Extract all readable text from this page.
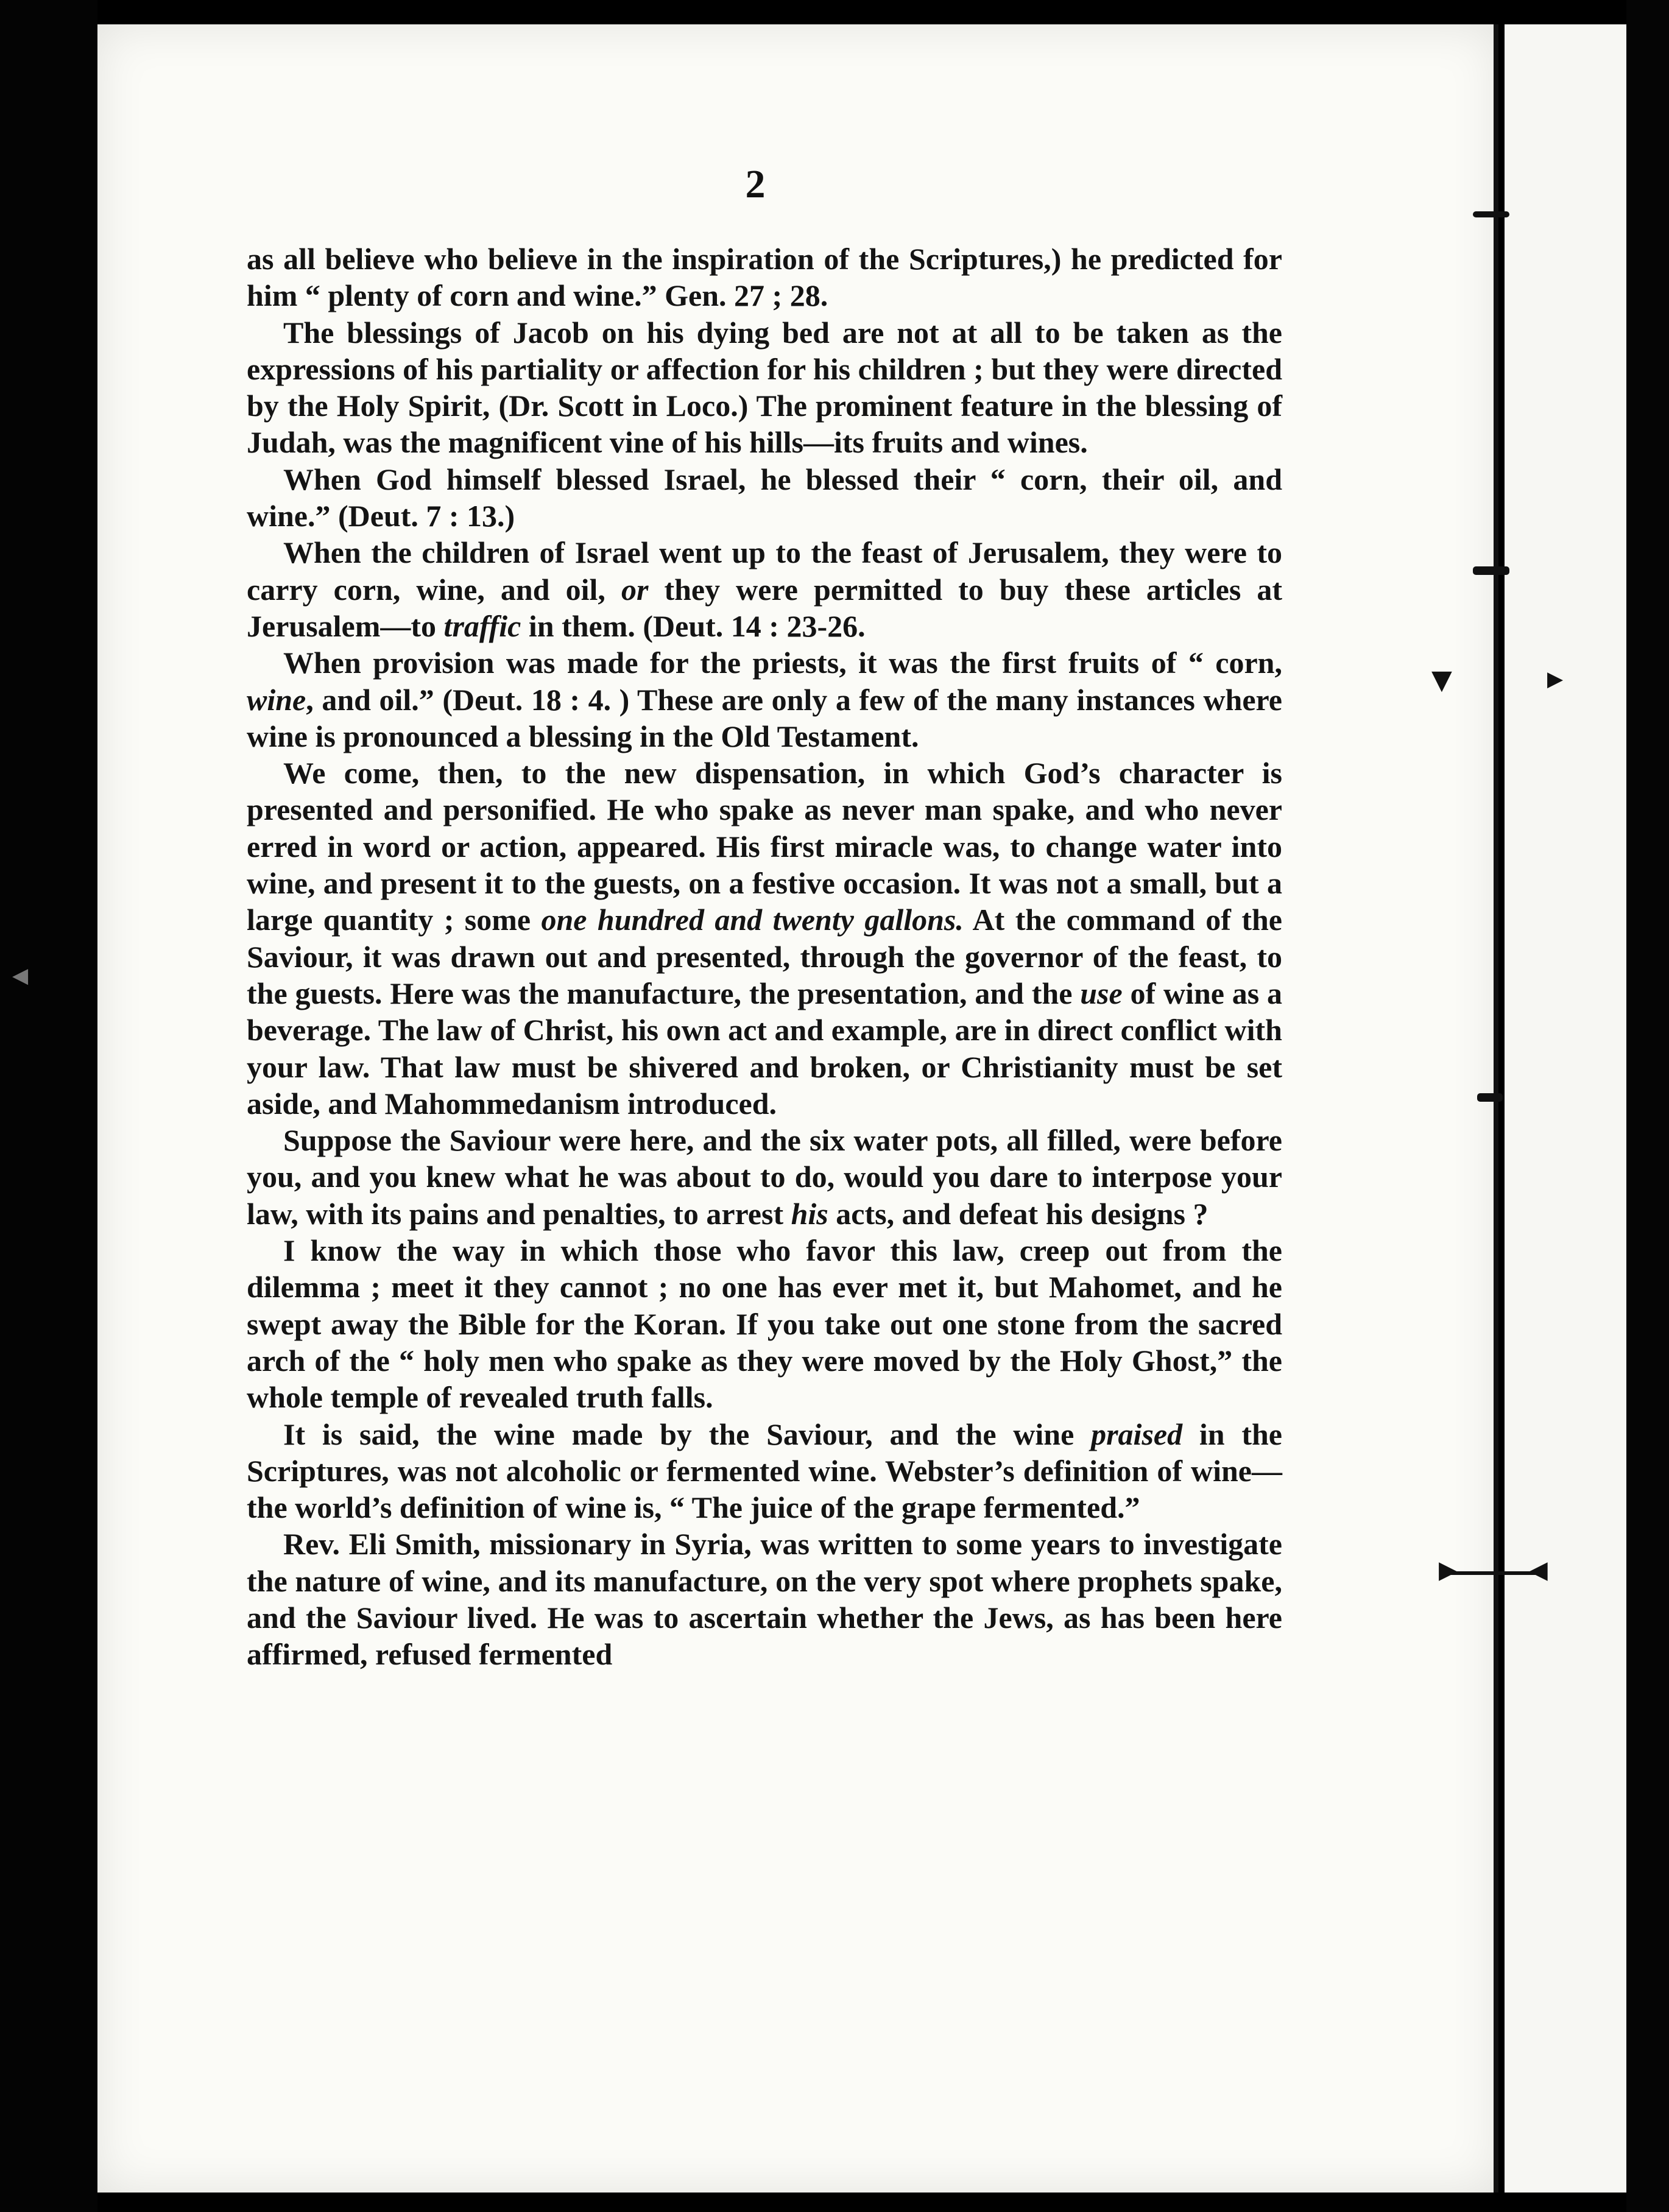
▼	▶
◀
▶	◀
2

as all believe who believe in the inspiration of the Scriptures,) he predicted for him “ plenty of corn and wine.” Gen. 27 ; 28.

The blessings of Jacob on his dying bed are not at all to be taken as the expressions of his partiality or affection for his children ; but they were directed by the Holy Spirit, (Dr. Scott in Loco.) The prominent feature in the blessing of Judah, was the magnificent vine of his hills—its fruits and wines.

When God himself blessed Israel, he blessed their “ corn, their oil, and wine.” (Deut. 7 : 13.)

When the children of Israel went up to the feast of Jerusalem, they were to carry corn, wine, and oil, or they were permitted to buy these articles at Jerusalem—to traffic in them. (Deut. 14 : 23-26.

When provision was made for the priests, it was the first fruits of “ corn, wine, and oil.” (Deut. 18 : 4. ) These are only a few of the many instances where wine is pronounced a blessing in the Old Testament.

We come, then, to the new dispensation, in which God’s character is presented and personified. He who spake as never man spake, and who never erred in word or action, appeared. His first miracle was, to change water into wine, and present it to the guests, on a festive occasion. It was not a small, but a large quantity ; some one hundred and twenty gallons. At the command of the Saviour, it was drawn out and presented, through the governor of the feast, to the guests. Here was the manufacture, the presentation, and the use of wine as a beverage. The law of Christ, his own act and example, are in direct conflict with your law. That law must be shivered and broken, or Christianity must be set aside, and Mahommedanism introduced.

Suppose the Saviour were here, and the six water pots, all filled, were before you, and you knew what he was about to do, would you dare to interpose your law, with its pains and penalties, to arrest his acts, and defeat his designs ?

I know the way in which those who favor this law, creep out from the dilemma ; meet it they cannot ; no one has ever met it, but Mahomet, and he swept away the Bible for the Koran. If you take out one stone from the sacred arch of the “ holy men who spake as they were moved by the Holy Ghost,” the whole temple of revealed truth falls.

It is said, the wine made by the Saviour, and the wine praised in the Scriptures, was not alcoholic or fermented wine. Webster’s definition of wine—the world’s definition of wine is, “ The juice of the grape fermented.”

Rev. Eli Smith, missionary in Syria, was written to some years to investigate the nature of wine, and its manufacture, on the very spot where prophets spake, and the Saviour lived. He was to ascertain whether the Jews, as has been here affirmed, refused fermented
